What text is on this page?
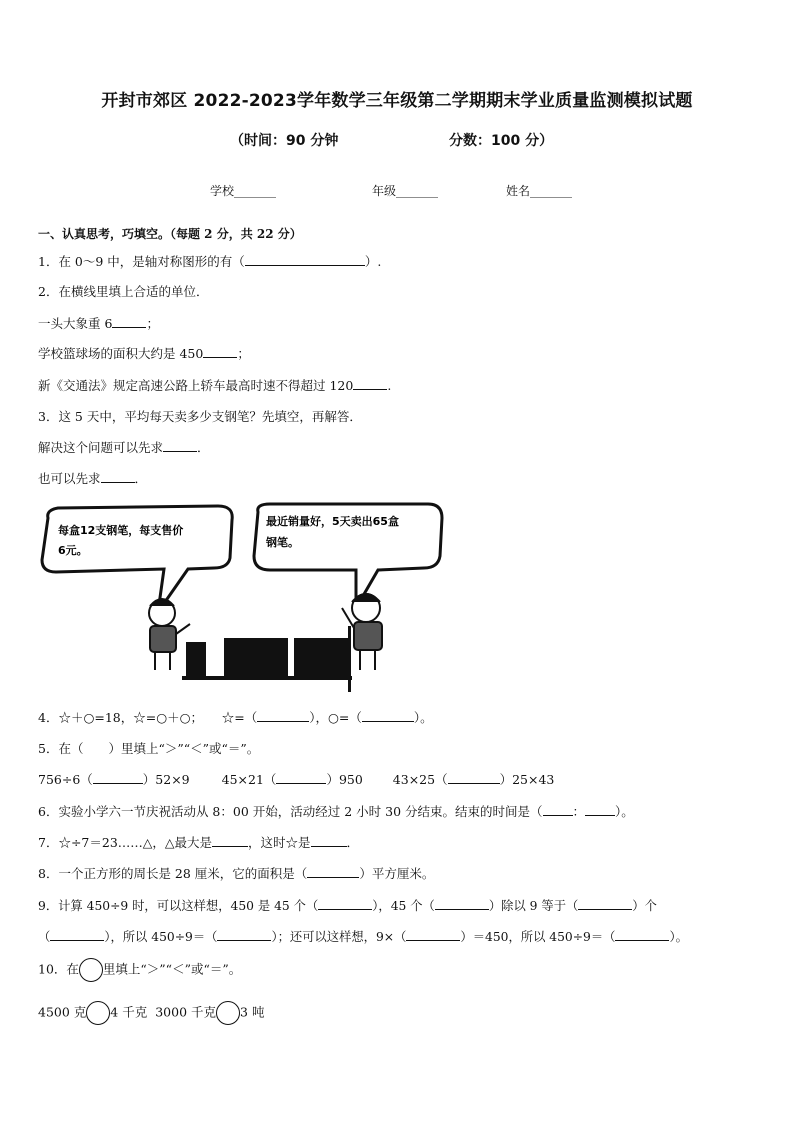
开封市郊区 2022-2023学年数学三年级第二学期期末学业质量监测模拟试题
（时间：90 分钟	分数：100 分）
学校_______	年级_______	姓名_______
一、认真思考，巧填空。（每题 2 分，共 22 分）
1．在 0～9 中，是轴对称图形的有（	）.
2．在横线里填上合适的单位．
一头大象重 6	；
学校篮球场的面积大约是 450	；
新《交通法》规定高速公路上轿车最高时速不得超过 120	.
3．这 5 天中，平均每天卖多少支钢笔？先填空，再解答．
解决这个问题可以先求	．
也可以先求	．
每盒12支钢笔，每支售价
6元。
最近销量好，5天卖出65盒
钢笔。
4．☆＋○=18，☆=○＋○；　　☆=（	），○=（	）。
5．在（　　）里填上“＞”“＜”或“＝”。
756÷6（	）52×9	45×21（	）950 43×25（	）25×43
6．实验小学六一节庆祝活动从 8：00 开始，活动经过 2 小时 30 分结束。结束的时间是（ ： ）。
7．☆÷7＝23……△，△最大是	，这时☆是	．
8．一个正方形的周长是 28 厘米，它的面积是（	）平方厘米。
9．计算 450÷9 时，可以这样想，450 是 45 个（	），45 个（	）除以 9 等于（	）个
（	），所以 450÷9＝（	）；还可以这样想，9×（	）＝450，所以 450÷9＝（	）。
10．在 里填上“＞”“＜”或“＝”。
4500 克 4 千克 3000 千克 3 吨
